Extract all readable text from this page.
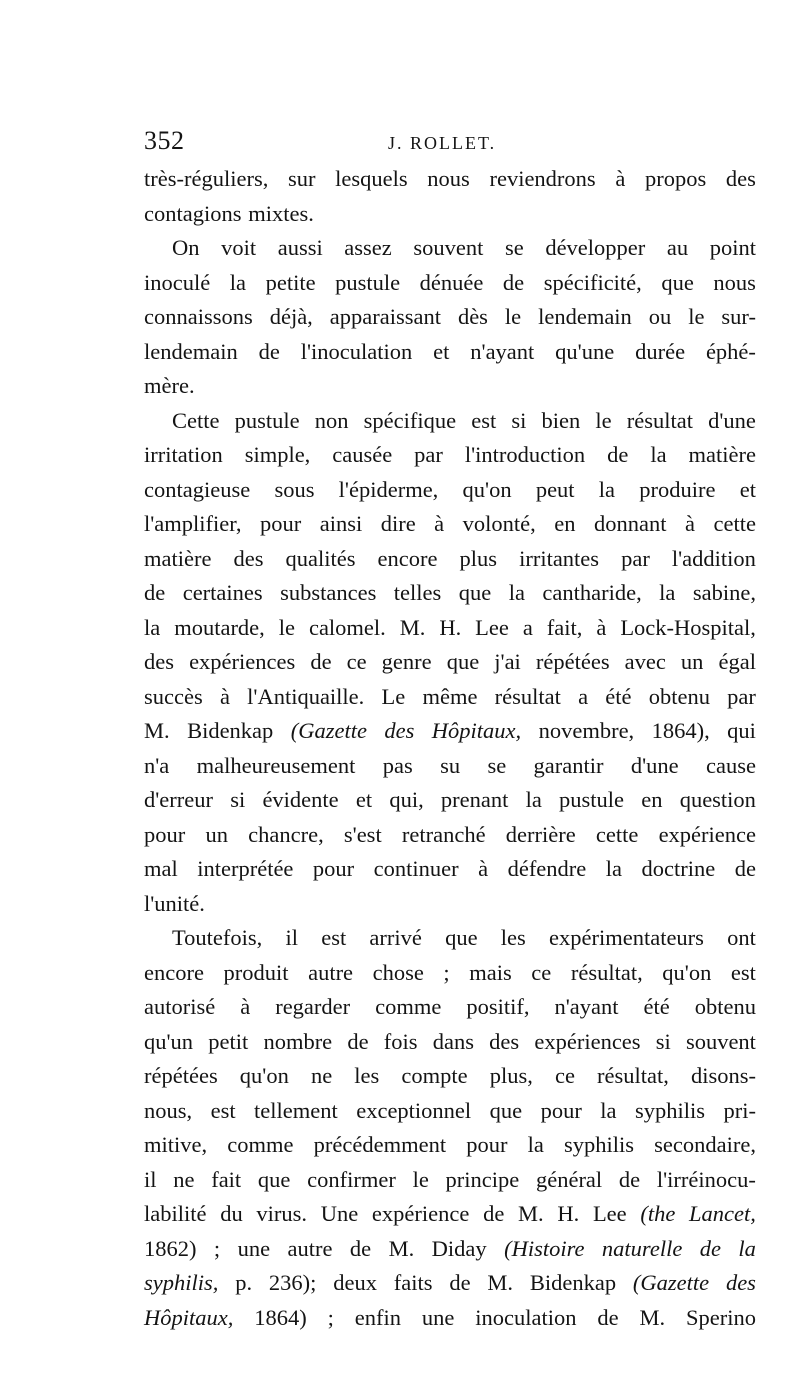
352	J. ROLLET.
très-réguliers, sur lesquels nous reviendrons à propos des
contagions mixtes.
On voit aussi assez souvent se développer au point
inoculé la petite pustule dénuée de spécificité, que nous
connaissons déjà, apparaissant dès le lendemain ou le sur-
lendemain de l'inoculation et n'ayant qu'une durée éphé-
mère.
Cette pustule non spécifique est si bien le résultat d'une
irritation simple, causée par l'introduction de la matière
contagieuse sous l'épiderme, qu'on peut la produire et
l'amplifier, pour ainsi dire à volonté, en donnant à cette
matière des qualités encore plus irritantes par l'addition
de certaines substances telles que la cantharide, la sabine,
la moutarde, le calomel. M. H. Lee a fait, à Lock-Hospital,
des expériences de ce genre que j'ai répétées avec un égal
succès à l'Antiquaille. Le même résultat a été obtenu par
M. Bidenkap (Gazette des Hôpitaux, novembre, 1864), qui
n'a malheureusement pas su se garantir d'une cause
d'erreur si évidente et qui, prenant la pustule en question
pour un chancre, s'est retranché derrière cette expérience
mal interprétée pour continuer à défendre la doctrine de
l'unité.
Toutefois, il est arrivé que les expérimentateurs ont
encore produit autre chose ; mais ce résultat, qu'on est
autorisé à regarder comme positif, n'ayant été obtenu
qu'un petit nombre de fois dans des expériences si souvent
répétées qu'on ne les compte plus, ce résultat, disons-
nous, est tellement exceptionnel que pour la syphilis pri-
mitive, comme précédemment pour la syphilis secondaire,
il ne fait que confirmer le principe général de l'irréinocu-
labilité du virus. Une expérience de M. H. Lee (the Lancet,
1862) ; une autre de M. Diday (Histoire naturelle de la
syphilis, p. 236); deux faits de M. Bidenkap (Gazette des
Hôpitaux, 1864) ; enfin une inoculation de M. Sperino
